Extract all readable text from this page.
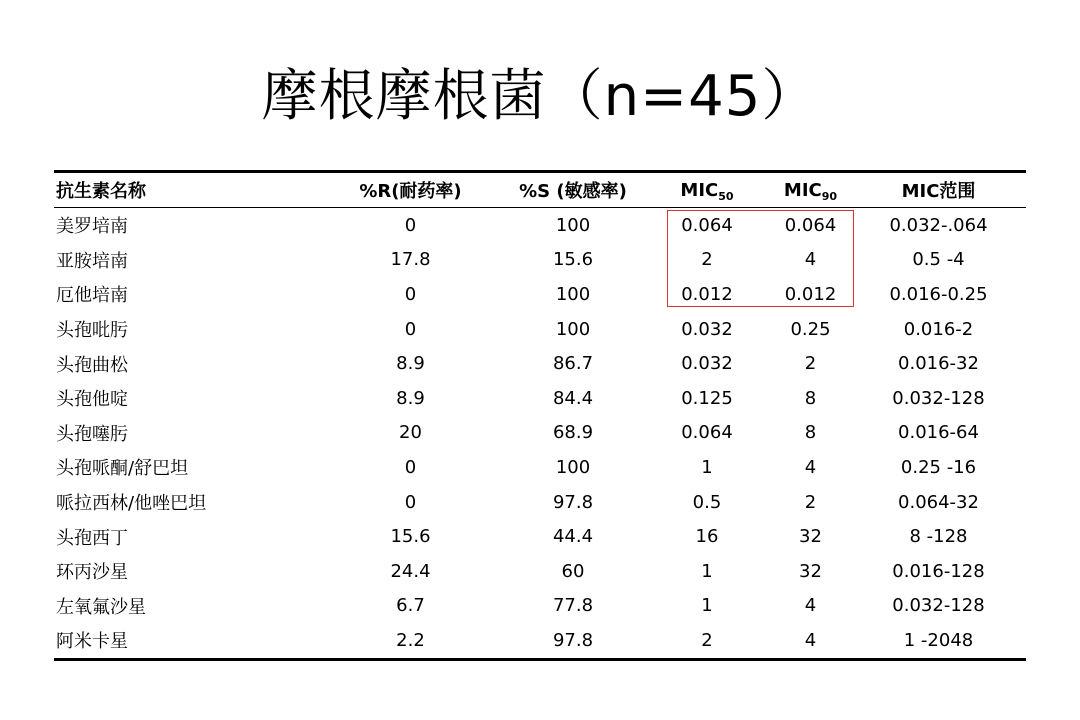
摩根摩根菌（n=45）
抗生素名称	%R(耐药率)	%S (敏感率)	$MIC_{50}$	$MIC_{90}$	MIC范围
美罗培南	0	100	0.064	0.064	0.032-.064
亚胺培南	17.8	15.6	2	4	0.5 -4
厄他培南	0	100	0.012	0.012	0.016-0.25
头孢吡肟	0	100	0.032	0.25	0.016-2
头孢曲松	8.9	86.7	0.032	2	0.016-32
头孢他啶	8.9	84.4	0.125	8	0.032-128
头孢噻肟	20	68.9	0.064	8	0.016-64
头孢哌酮/舒巴坦	0	100	1	4	0.25 -16
哌拉西林/他唑巴坦	0	97.8	0.5	2	0.064-32
头孢西丁	15.6	44.4	16	32	8 -128
环丙沙星	24.4	60	1	32	0.016-128
左氧氟沙星	6.7	77.8	1	4	0.032-128
阿米卡星	2.2	97.8	2	4	1 -2048
